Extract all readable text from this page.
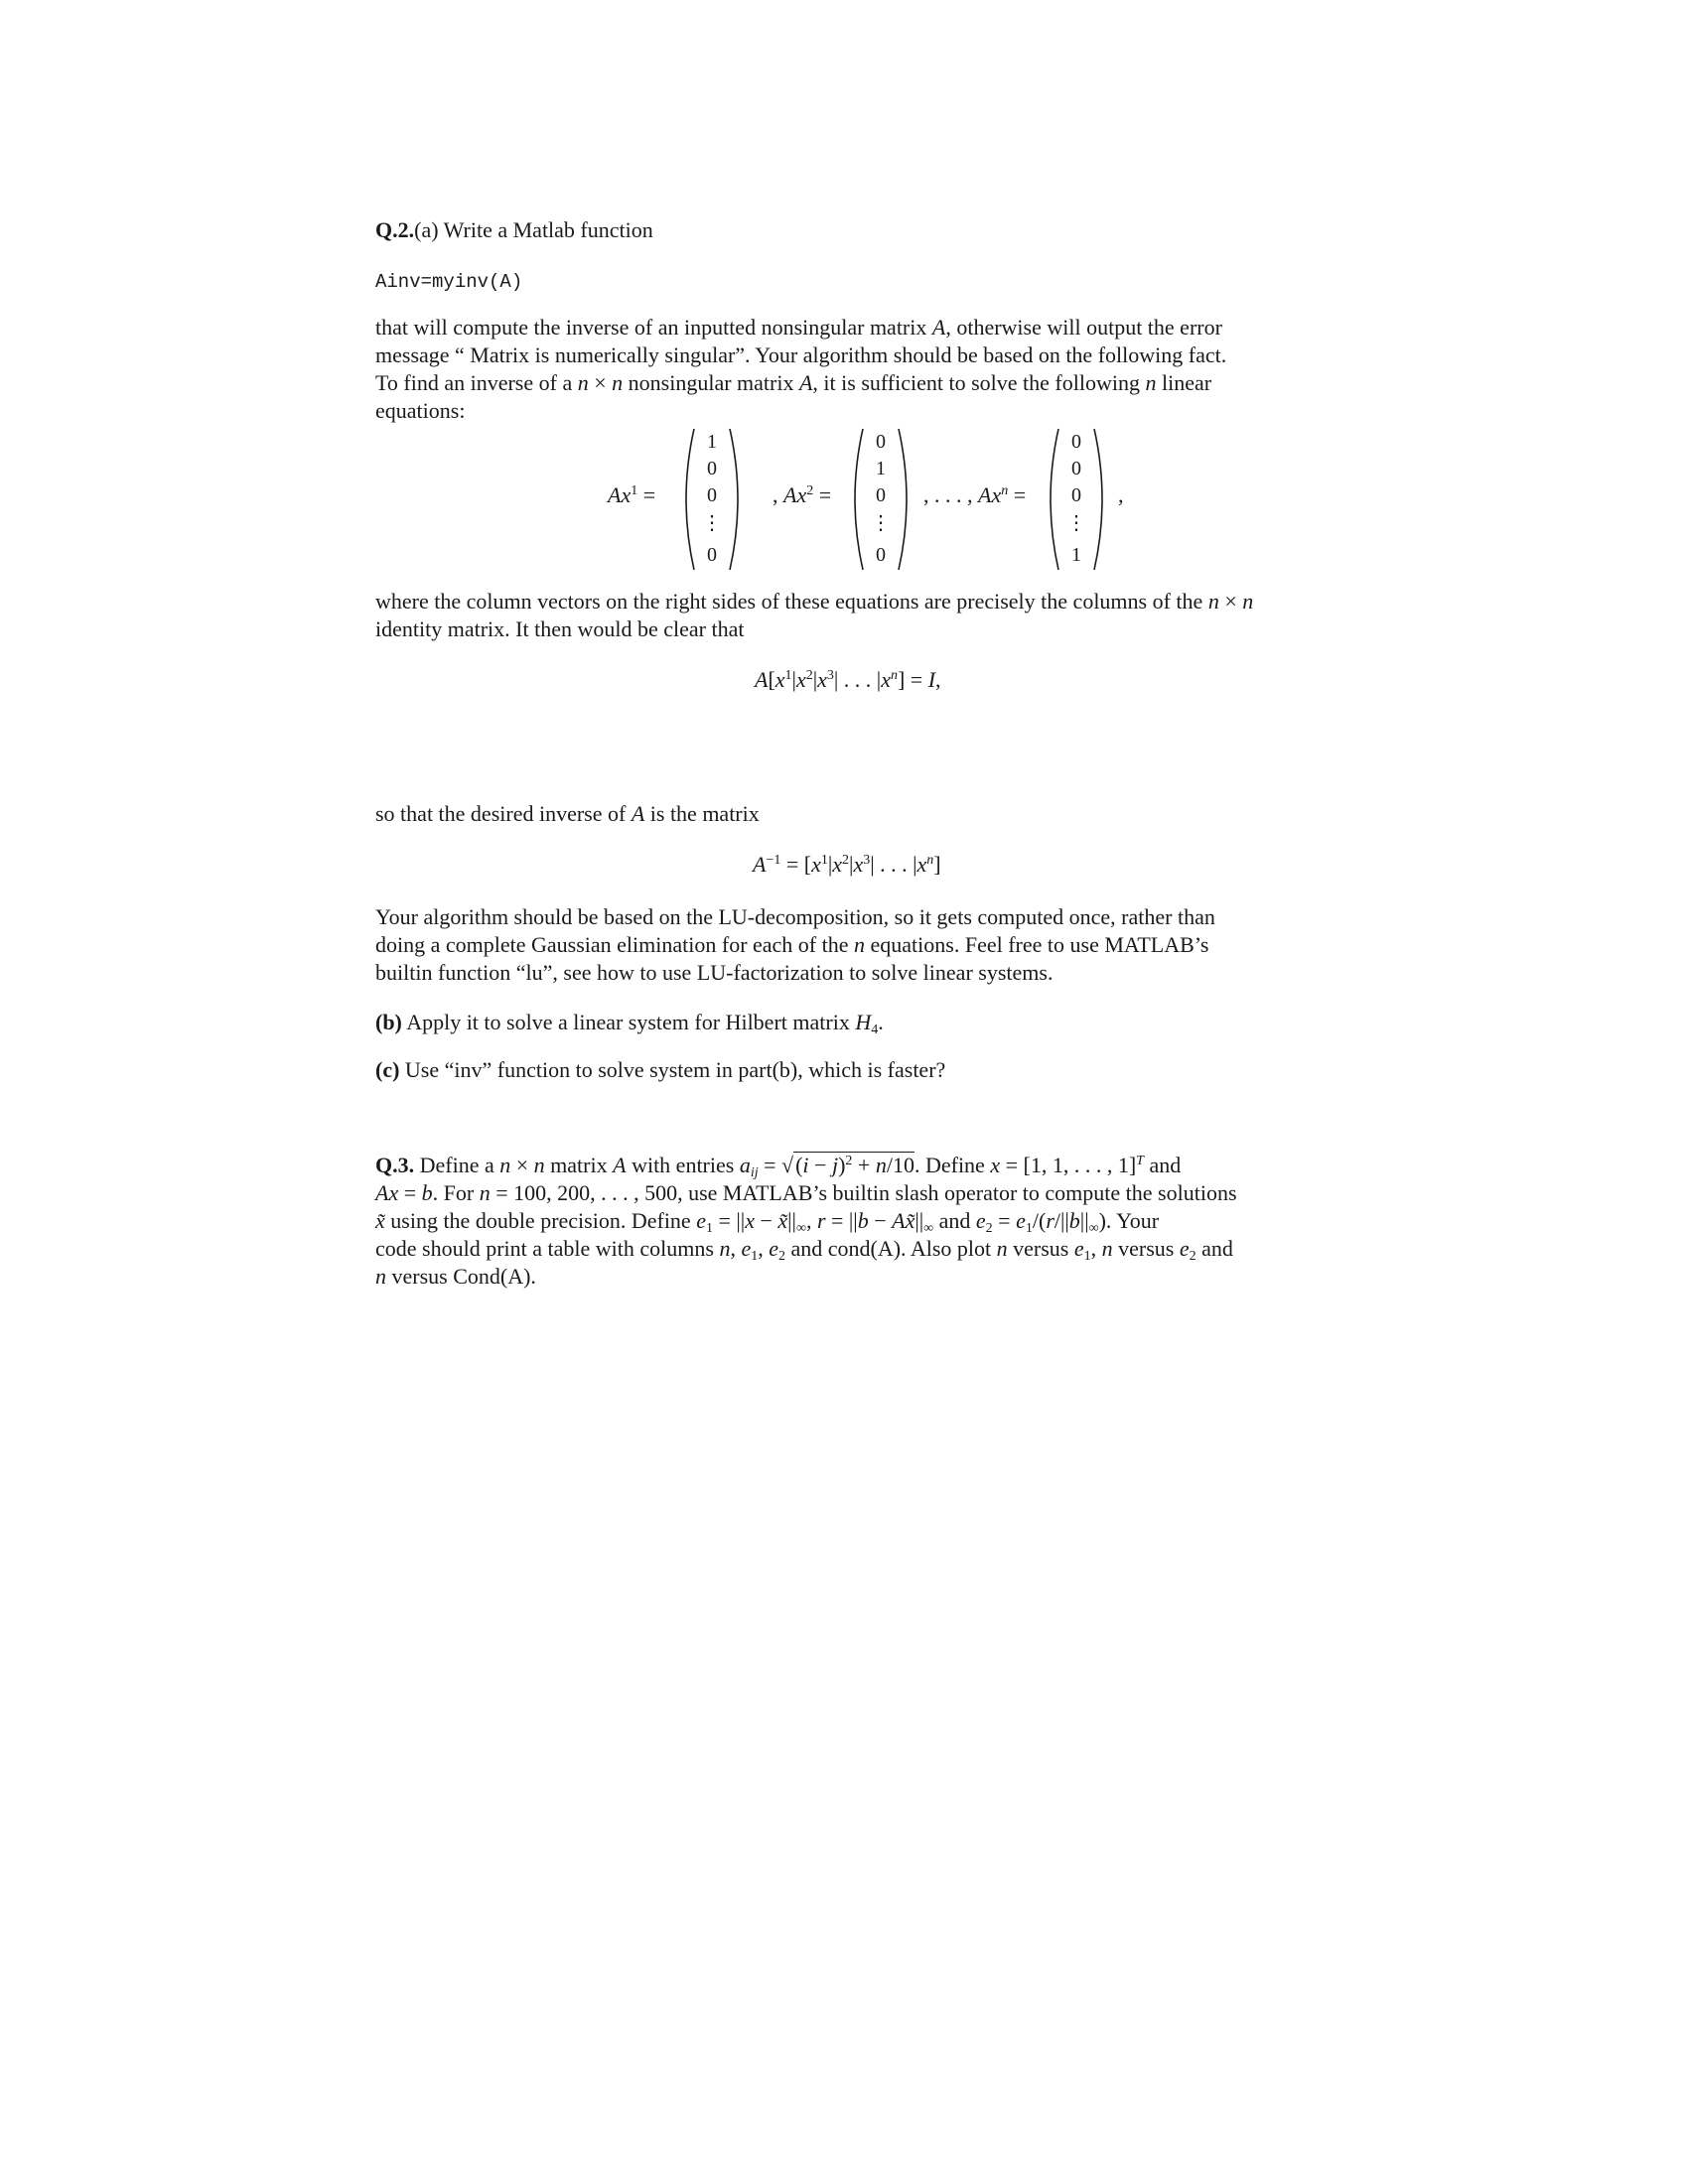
Q.2.(a) Write a Matlab function
Ainv=myinv(A)
that will compute the inverse of an inputted nonsingular matrix A, otherwise will output the error
message “ Matrix is numerically singular”. Your algorithm should be based on the following fact.
To find an inverse of a n × n nonsingular matrix A, it is sufficient to solve the following n linear
equations:
$Ax^1$ =
1
0
0
⋮
0
, $Ax^2$ =
0
1
0
⋮
0
, . . . , $Ax^n$ =
0
0
0
⋮
1
,
where the column vectors on the right sides of these equations are precisely the columns of the n × n
identity matrix. It then would be clear that
$A[x^1|x^2|x^3|$ . . . $|x^n] = I$,
so that the desired inverse of A is the matrix
$A^{-1} = [x^1|x^2|x^3|$ . . . $|x^n$]
Your algorithm should be based on the LU-decomposition, so it gets computed once, rather than
doing a complete Gaussian elimination for each of the n equations. Feel free to use MATLAB’s
builtin function “lu”, see how to use LU-factorization to solve linear systems.
(b) Apply it to solve a linear system for Hilbert matrix $H_4$.
(c) Use “inv” function to solve system in part(b), which is faster?
Q.3. Define a n × n matrix A with entries $a_{ij} = √(i - j)^2 + n/10$. Define x = [1, 1, . . . , 1]$^T$ and
Ax = b. For n = 100, 200, . . . , 500, use MATLAB’s builtin slash operator to compute the solutions
x̃ using the double precision. Define $e_1 = ||x$ − $x̃||_\infty$, $r = ||b - Ax̃||_\infty$ and $e_2 = e_1/(r/||b||_\infty)$. Your
code should print a table with columns n, $e_1$, $e_2$ and cond(A). Also plot n versus $e_1$, n versus $e_2$ and
n versus Cond(A).
